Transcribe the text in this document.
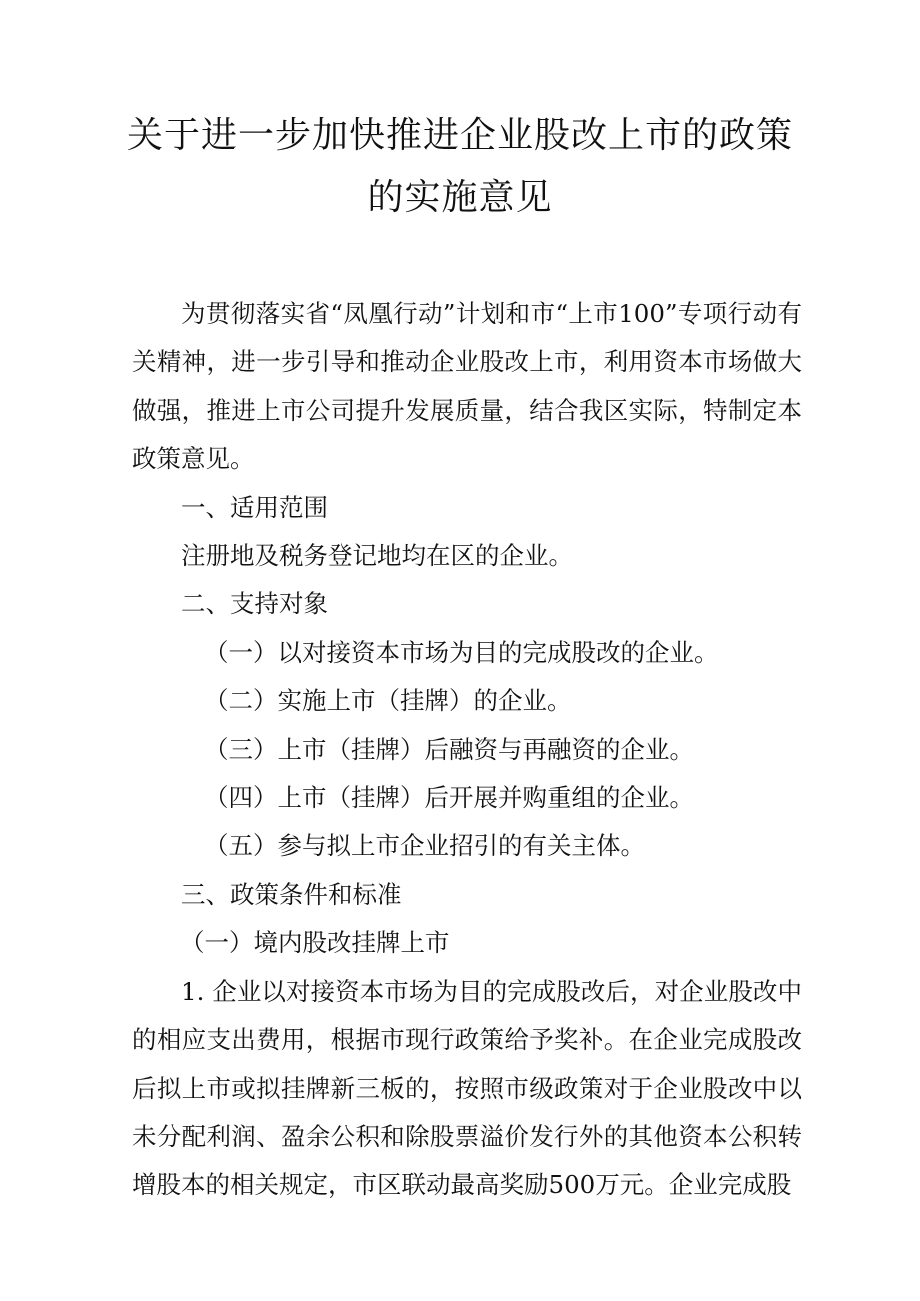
关于进一步加快推进企业股改上市的政策
的实施意见

为贯彻落实省“凤凰行动”计划和市“上市100”专项行动有关精神，进一步引导和推动企业股改上市，利用资本市场做大做强，推进上市公司提升发展质量，结合我区实际，特制定本政策意见。

一、适用范围

注册地及税务登记地均在区的企业。

二、支持对象

（一）以对接资本市场为目的完成股改的企业。

（二）实施上市（挂牌）的企业。

（三）上市（挂牌）后融资与再融资的企业。

（四）上市（挂牌）后开展并购重组的企业。

（五）参与拟上市企业招引的有关主体。

三、政策条件和标准

（一）境内股改挂牌上市

1. 企业以对接资本市场为目的完成股改后，对企业股改中的相应支出费用，根据市现行政策给予奖补。在企业完成股改后拟上市或拟挂牌新三板的，按照市级政策对于企业股改中以未分配利润、盈余公积和除股票溢价发行外的其他资本公积转增股本的相关规定，市区联动最高奖励500万元。企业完成股
